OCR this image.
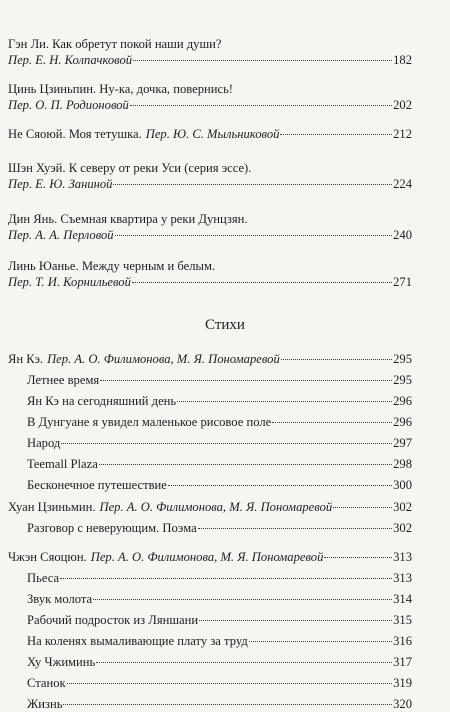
Гэн Ли. Как обретут покой наши души?
Пер. Е. Н. Колпачковой	182
Цинь Цзиньпин. Ну-ка, дочка, повернись!
Пер. О. П. Родионовой	202
Не Сяоюй. Моя тетушка. Пер. Ю. С. Мыльниковой	212
Шэн Хуэй. К северу от реки Уси (серия эссе).
Пер. Е. Ю. Заниной	224
Дин Янь. Съемная квартира у реки Дунцзян.
Пер. А. А. Перловой	240
Линь Юанье. Между черным и белым.
Пер. Т. И. Корнильевой	271
Стихи
Ян Кэ. Пер. А. О. Филимонова, М. Я. Пономаревой	295
Летнее время	295
Ян Кэ на сегодняшний день	296
В Дунгуане я увидел маленькое рисовое поле	296
Народ	297
Teemall Plaza	298
Бесконечное путешествие	300
Хуан Цзиньмин. Пер. А. О. Филимонова, М. Я. Пономаревой	302
Разговор с неверующим. Поэма	302
Чжэн Сяоцюн. Пер. А. О. Филимонова, М. Я. Пономаревой	313
Пьеса	313
Звук молота	314
Рабочий подросток из Ляншани	315
На коленях вымаливающие плату за труд	316
Ху Чжиминь	317
Станок	319
Жизнь	320
